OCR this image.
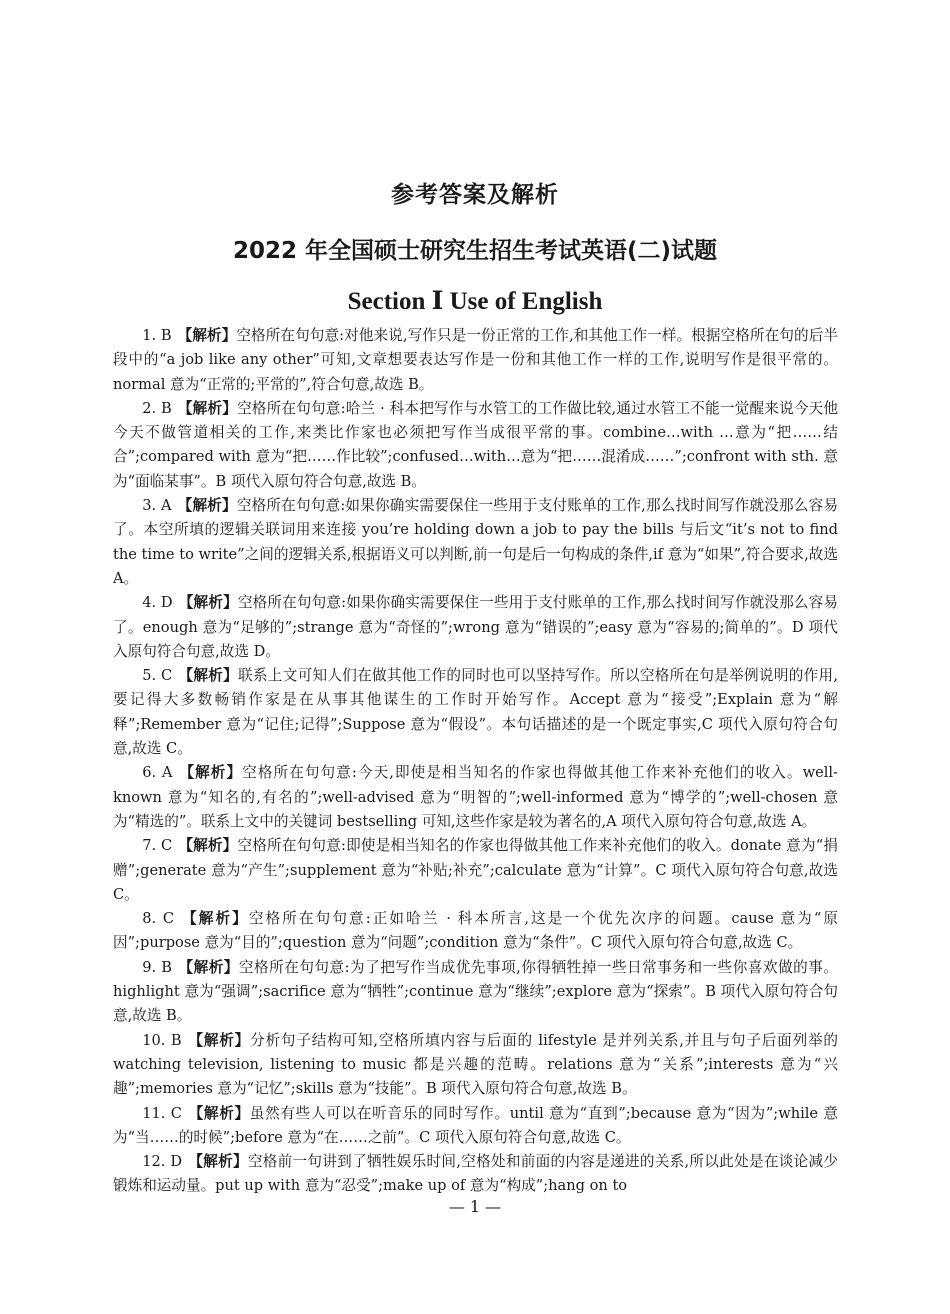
参考答案及解析
2022 年全国硕士研究生招生考试英语(二)试题
Section Ⅰ Use of English

1. B 【解析】空格所在句句意:对他来说,写作只是一份正常的工作,和其他工作一样。根据空格所在句的后半段中的“a job like any other”可知,文章想要表达写作是一份和其他工作一样的工作,说明写作是很平常的。normal 意为“正常的;平常的”,符合句意,故选 B。

2. B 【解析】空格所在句句意:哈兰 · 科本把写作与水管工的工作做比较,通过水管工不能一觉醒来说今天他今天不做管道相关的工作,来类比作家也必须把写作当成很平常的事。combine…with …意为“把……结合”;compared with 意为“把……作比较”;confused…with…意为“把……混淆成……”;confront with sth. 意为“面临某事”。B 项代入原句符合句意,故选 B。

3. A 【解析】空格所在句句意:如果你确实需要保住一些用于支付账单的工作,那么找时间写作就没那么容易了。本空所填的逻辑关联词用来连接 you’re holding down a job to pay the bills 与后文“it’s not to find the time to write”之间的逻辑关系,根据语义可以判断,前一句是后一句构成的条件,if 意为“如果”,符合要求,故选 A。

4. D 【解析】空格所在句句意:如果你确实需要保住一些用于支付账单的工作,那么找时间写作就没那么容易了。enough 意为“足够的”;strange 意为“奇怪的”;wrong 意为“错误的”;easy 意为“容易的;简单的”。D 项代入原句符合句意,故选 D。

5. C 【解析】联系上文可知人们在做其他工作的同时也可以坚持写作。所以空格所在句是举例说明的作用,要记得大多数畅销作家是在从事其他谋生的工作时开始写作。Accept 意为“接受”;Explain 意为“解释”;Remember 意为“记住;记得”;Suppose 意为“假设”。本句话描述的是一个既定事实,C 项代入原句符合句意,故选 C。

6. A 【解析】空格所在句句意:今天,即使是相当知名的作家也得做其他工作来补充他们的收入。well-known 意为“知名的,有名的”;well-advised 意为“明智的”;well-informed 意为“博学的”;well-chosen 意为“精选的”。联系上文中的关键词 bestselling 可知,这些作家是较为著名的,A 项代入原句符合句意,故选 A。

7. C 【解析】空格所在句句意:即使是相当知名的作家也得做其他工作来补充他们的收入。donate 意为“捐赠”;generate 意为“产生”;supplement 意为“补贴;补充”;calculate 意为“计算”。C 项代入原句符合句意,故选 C。

8. C 【解析】空格所在句句意:正如哈兰 · 科本所言,这是一个优先次序的问题。cause 意为“原因”;purpose 意为“目的”;question 意为“问题”;condition 意为“条件”。C 项代入原句符合句意,故选 C。

9. B 【解析】空格所在句句意:为了把写作当成优先事项,你得牺牲掉一些日常事务和一些你喜欢做的事。highlight 意为“强调”;sacrifice 意为“牺牲”;continue 意为“继续”;explore 意为“探索”。B 项代入原句符合句意,故选 B。

10. B 【解析】分析句子结构可知,空格所填内容与后面的 lifestyle 是并列关系,并且与句子后面列举的 watching television, listening to music 都是兴趣的范畴。relations 意为“关系”;interests 意为“兴趣”;memories 意为“记忆”;skills 意为“技能”。B 项代入原句符合句意,故选 B。

11. C 【解析】虽然有些人可以在听音乐的同时写作。until 意为“直到”;because 意为“因为”;while 意为“当……的时候”;before 意为“在……之前”。C 项代入原句符合句意,故选 C。

12. D 【解析】空格前一句讲到了牺牲娱乐时间,空格处和前面的内容是递进的关系,所以此处是在谈论减少锻炼和运动量。put up with 意为“忍受”;make up of 意为“构成”;hang on to

— 1 —
